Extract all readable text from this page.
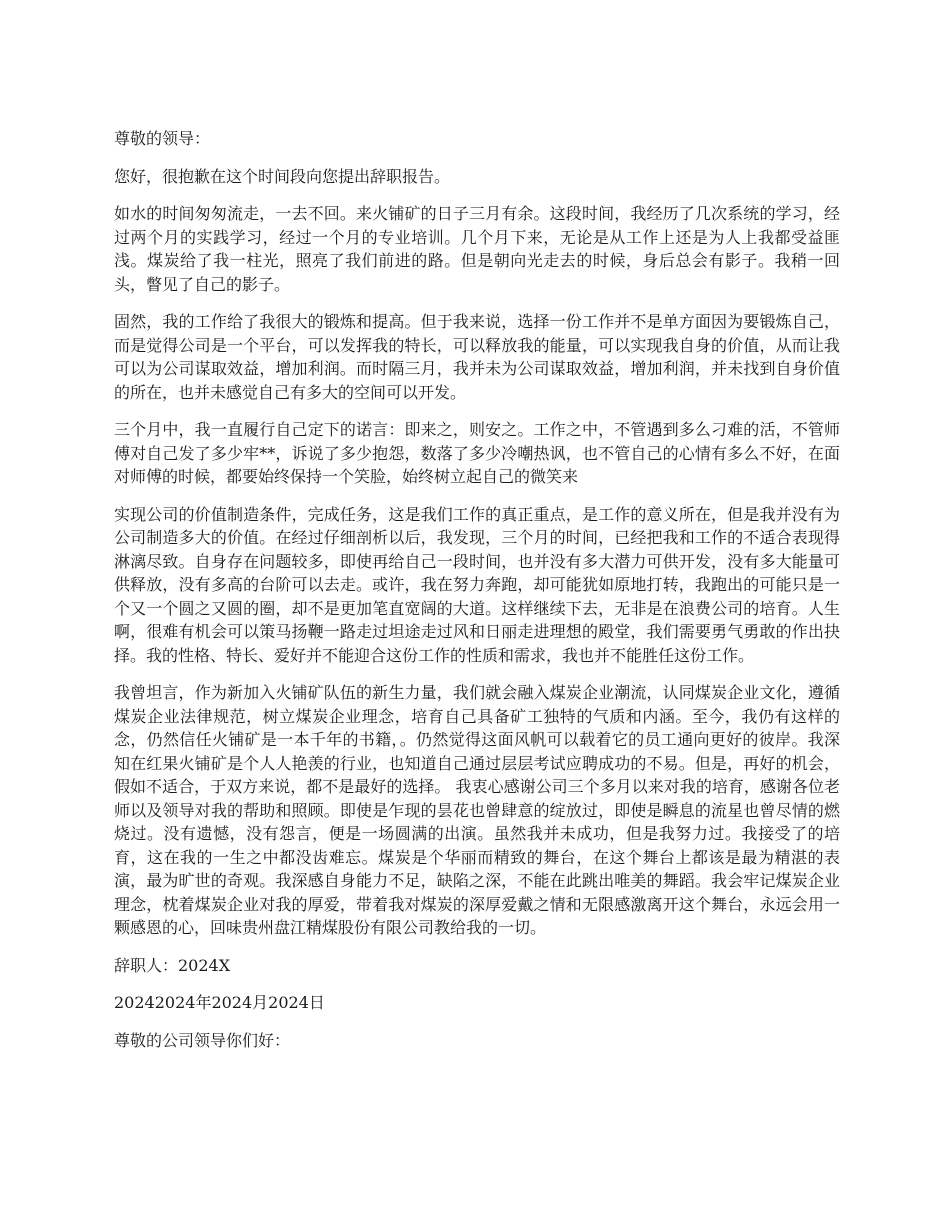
尊敬的领导：

您好，很抱歉在这个时间段向您提出辞职报告。

如水的时间匆匆流走，一去不回。来火铺矿的日子三月有余。这段时间，我经历了几次系统的学习，经过两个月的实践学习，经过一个月的专业培训。几个月下来，无论是从工作上还是为人上我都受益匪浅。煤炭给了我一柱光，照亮了我们前进的路。但是朝向光走去的时候，身后总会有影子。我稍一回头，瞥见了自己的影子。

固然，我的工作给了我很大的锻炼和提高。但于我来说，选择一份工作并不是单方面因为要锻炼自己，而是觉得公司是一个平台，可以发挥我的特长，可以释放我的能量，可以实现我自身的价值，从而让我可以为公司谋取效益，增加利润。而时隔三月，我并未为公司谋取效益，增加利润，并未找到自身价值的所在，也并未感觉自己有多大的空间可以开发。

三个月中，我一直履行自己定下的诺言：即来之，则安之。工作之中，不管遇到多么刁难的活，不管师傅对自己发了多少牢**，诉说了多少抱怨，数落了多少冷嘲热讽，也不管自己的心情有多么不好，在面对师傅的时候，都要始终保持一个笑脸，始终树立起自己的微笑来

实现公司的价值制造条件，完成任务，这是我们工作的真正重点，是工作的意义所在，但是我并没有为公司制造多大的价值。在经过仔细剖析以后，我发现，三个月的时间，已经把我和工作的不适合表现得淋漓尽致。自身存在问题较多，即使再给自己一段时间，也并没有多大潜力可供开发，没有多大能量可供释放，没有多高的台阶可以去走。或许，我在努力奔跑，却可能犹如原地打转，我跑出的可能只是一个又一个圆之又圆的圈，却不是更加笔直宽阔的大道。这样继续下去，无非是在浪费公司的培育。人生啊，很难有机会可以策马扬鞭一路走过坦途走过风和日丽走进理想的殿堂，我们需要勇气勇敢的作出抉择。我的性格、特长、爱好并不能迎合这份工作的性质和需求，我也并不能胜任这份工作。

我曾坦言，作为新加入火铺矿队伍的新生力量，我们就会融入煤炭企业潮流，认同煤炭企业文化，遵循煤炭企业法律规范，树立煤炭企业理念，培育自己具备矿工独特的气质和内涵。至今，我仍有这样的念，仍然信任火铺矿是一本千年的书籍，。仍然觉得这面风帆可以载着它的员工通向更好的彼岸。我深知在红果火铺矿是个人人艳羡的行业，也知道自己通过层层考试应聘成功的不易。但是，再好的机会，假如不适合，于双方来说，都不是最好的选择。 我衷心感谢公司三个多月以来对我的培育，感谢各位老师以及领导对我的帮助和照顾。即使是乍现的昙花也曾肆意的绽放过，即使是瞬息的流星也曾尽情的燃烧过。没有遗憾，没有怨言，便是一场圆满的出演。虽然我并未成功，但是我努力过。我接受了的培育，这在我的一生之中都没齿难忘。煤炭是个华丽而精致的舞台，在这个舞台上都该是最为精湛的表演，最为旷世的奇观。我深感自身能力不足，缺陷之深，不能在此跳出唯美的舞蹈。我会牢记煤炭企业理念，枕着煤炭企业对我的厚爱，带着我对煤炭的深厚爱戴之情和无限感激离开这个舞台，永远会用一颗感恩的心，回味贵州盘江精煤股份有限公司教给我的一切。

辞职人：2024X

20242024年2024月2024日

尊敬的公司领导你们好：
